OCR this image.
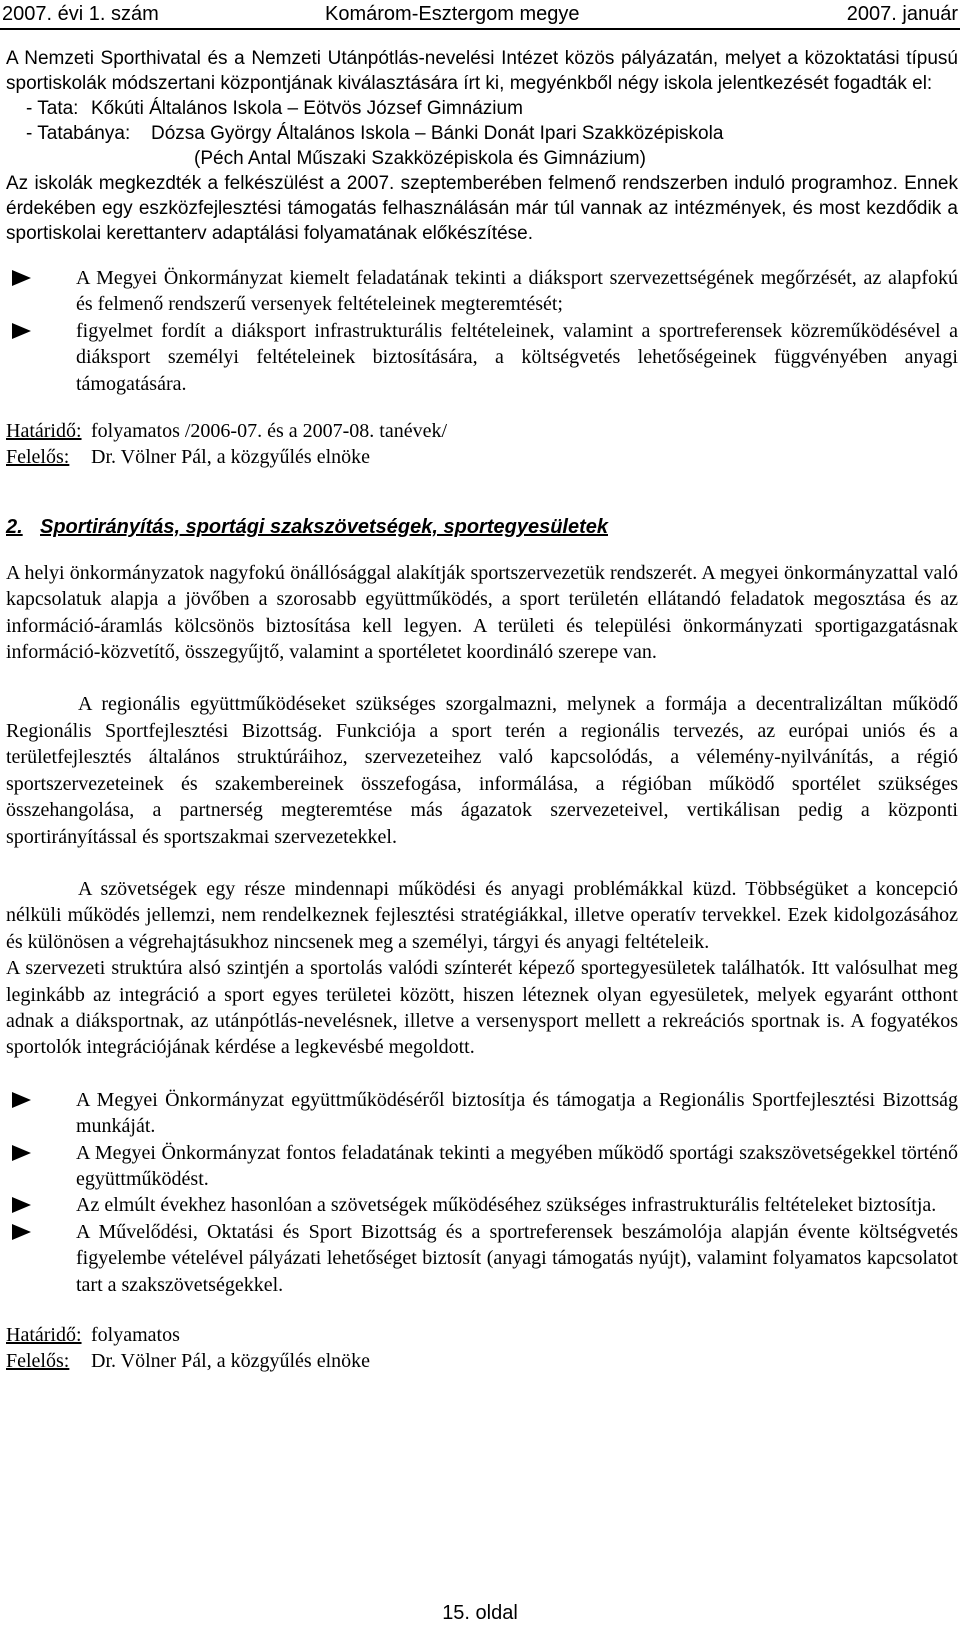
2007. évi 1. szám	Komárom-Esztergom megye	2007. január

A Nemzeti Sporthivatal és a Nemzeti Utánpótlás-nevelési Intézet közös pályázatán, melyet a közoktatási típusú sportiskolák módszertani központjának kiválasztására írt ki, megyénkből négy iskola jelentkezését fogadták el:

- Tata: Kőkúti Általános Iskola – Eötvös József Gimnázium
- Tatabánya: Dózsa György Általános Iskola – Bánki Donát Ipari Szakközépiskola
(Péch Antal Műszaki Szakközépiskola és Gimnázium)

Az iskolák megkezdték a felkészülést a 2007. szeptemberében felmenő rendszerben induló programhoz. Ennek érdekében egy eszközfejlesztési támogatás felhasználásán már túl vannak az intézmények, és most kezdődik a sportiskolai kerettanterv adaptálási folyamatának előkészítése.

A Megyei Önkormányzat kiemelt feladatának tekinti a diáksport szervezettségének megőrzését, az alapfokú és felmenő rendszerű versenyek feltételeinek megteremtését;
figyelmet fordít a diáksport infrastrukturális feltételeinek, valamint a sportreferensek közreműködésével a diáksport személyi feltételeinek biztosítására, a költségvetés lehetőségeinek függvényében anyagi támogatására.
Határidő: folyamatos /2006-07. és a 2007-08. tanévek/
Felelős: Dr. Völner Pál, a közgyűlés elnöke
2. Sportirányítás, sportági szakszövetségek, sportegyesületek

A helyi önkormányzatok nagyfokú önállósággal alakítják sportszervezetük rendszerét. A megyei önkormányzattal való kapcsolatuk alapja a jövőben a szorosabb együttműködés, a sport területén ellátandó feladatok megosztása és az információ-áramlás kölcsönös biztosítása kell legyen. A területi és települési önkormányzati sportigazgatásnak információ-közvetítő, összegyűjtő, valamint a sportéletet koordináló szerepe van.

A regionális együttműködéseket szükséges szorgalmazni, melynek a formája a decentralizáltan működő Regionális Sportfejlesztési Bizottság. Funkciója a sport terén a regionális tervezés, az európai uniós és a területfejlesztés általános struktúráihoz, szervezeteihez való kapcsolódás, a vélemény-nyilvánítás, a régió sportszervezeteinek és szakembereinek összefogása, informálása, a régióban működő sportélet szükséges összehangolása, a partnerség megteremtése más ágazatok szervezeteivel, vertikálisan pedig a központi sportirányítással és sportszakmai szervezetekkel.

A szövetségek egy része mindennapi működési és anyagi problémákkal küzd. Többségüket a koncepció nélküli működés jellemzi, nem rendelkeznek fejlesztési stratégiákkal, illetve operatív tervekkel. Ezek kidolgozásához és különösen a végrehajtásukhoz nincsenek meg a személyi, tárgyi és anyagi feltételeik.

A szervezeti struktúra alsó szintjén a sportolás valódi színterét képező sportegyesületek találhatók. Itt valósulhat meg leginkább az integráció a sport egyes területei között, hiszen léteznek olyan egyesületek, melyek egyaránt otthont adnak a diáksportnak, az utánpótlás-nevelésnek, illetve a versenysport mellett a rekreációs sportnak is. A fogyatékos sportolók integrációjának kérdése a legkevésbé megoldott.

A Megyei Önkormányzat együttműködéséről biztosítja és támogatja a Regionális Sportfejlesztési Bizottság munkáját.
A Megyei Önkormányzat fontos feladatának tekinti a megyében működő sportági szakszövetségekkel történő együttműködést.
Az elmúlt évekhez hasonlóan a szövetségek működéséhez szükséges infrastrukturális feltételeket biztosítja.
A Művelődési, Oktatási és Sport Bizottság és a sportreferensek beszámolója alapján évente költségvetés figyelembe vételével pályázati lehetőséget biztosít (anyagi támogatás nyújt), valamint folyamatos kapcsolatot tart a szakszövetségekkel.
Határidő: folyamatos
Felelős: Dr. Völner Pál, a közgyűlés elnöke
15. oldal
